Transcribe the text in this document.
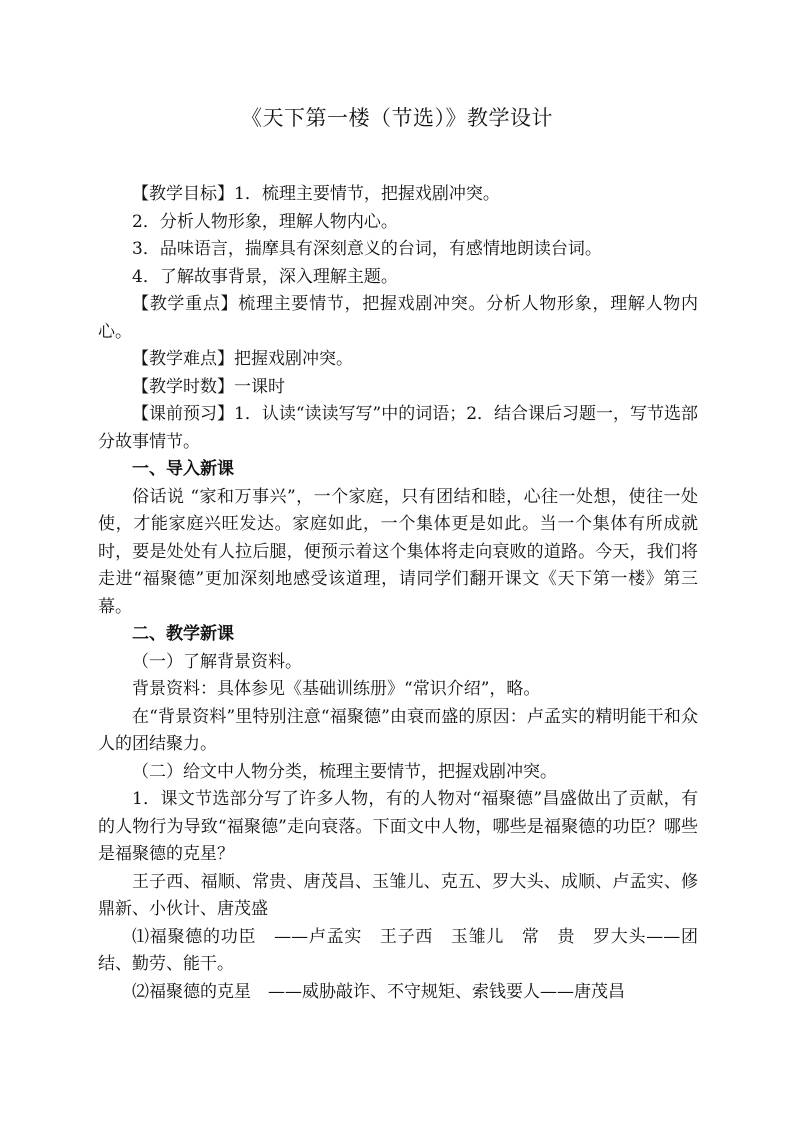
《天下第一楼（节选）》教学设计

【教学目标】1．梳理主要情节，把握戏剧冲突。

2．分析人物形象，理解人物内心。

3．品味语言，揣摩具有深刻意义的台词，有感情地朗读台词。

4．了解故事背景，深入理解主题。

【教学重点】梳理主要情节，把握戏剧冲突。分析人物形象，理解人物内心。

【教学难点】把握戏剧冲突。

【教学时数】一课时

【课前预习】1．认读“读读写写”中的词语；2．结合课后习题一，写节选部分故事情节。

一、导入新课

俗话说 “家和万事兴”，一个家庭，只有团结和睦，心往一处想，使往一处使，才能家庭兴旺发达。家庭如此，一个集体更是如此。当一个集体有所成就时，要是处处有人拉后腿，便预示着这个集体将走向衰败的道路。今天，我们将走进“福聚德”更加深刻地感受该道理，请同学们翻开课文《天下第一楼》第三幕。

二、教学新课

（一）了解背景资料。

背景资料：具体参见《基础训练册》“常识介绍”，略。

在“背景资料”里特别注意“福聚德”由衰而盛的原因：卢孟实的精明能干和众人的团结聚力。

（二）给文中人物分类，梳理主要情节，把握戏剧冲突。

1．课文节选部分写了许多人物，有的人物对“福聚德”昌盛做出了贡献，有的人物行为导致“福聚德”走向衰落。下面文中人物，哪些是福聚德的功臣？哪些是福聚德的克星？

王子西、福顺、常贵、唐茂昌、玉雏儿、克五、罗大头、成顺、卢孟实、修鼎新、小伙计、唐茂盛

⑴福聚德的功臣　——卢孟实　王子西　玉雏儿　常　贵　罗大头——团结、勤劳、能干。

⑵福聚德的克星　——威胁敲诈、不守规矩、索钱要人——唐茂昌
